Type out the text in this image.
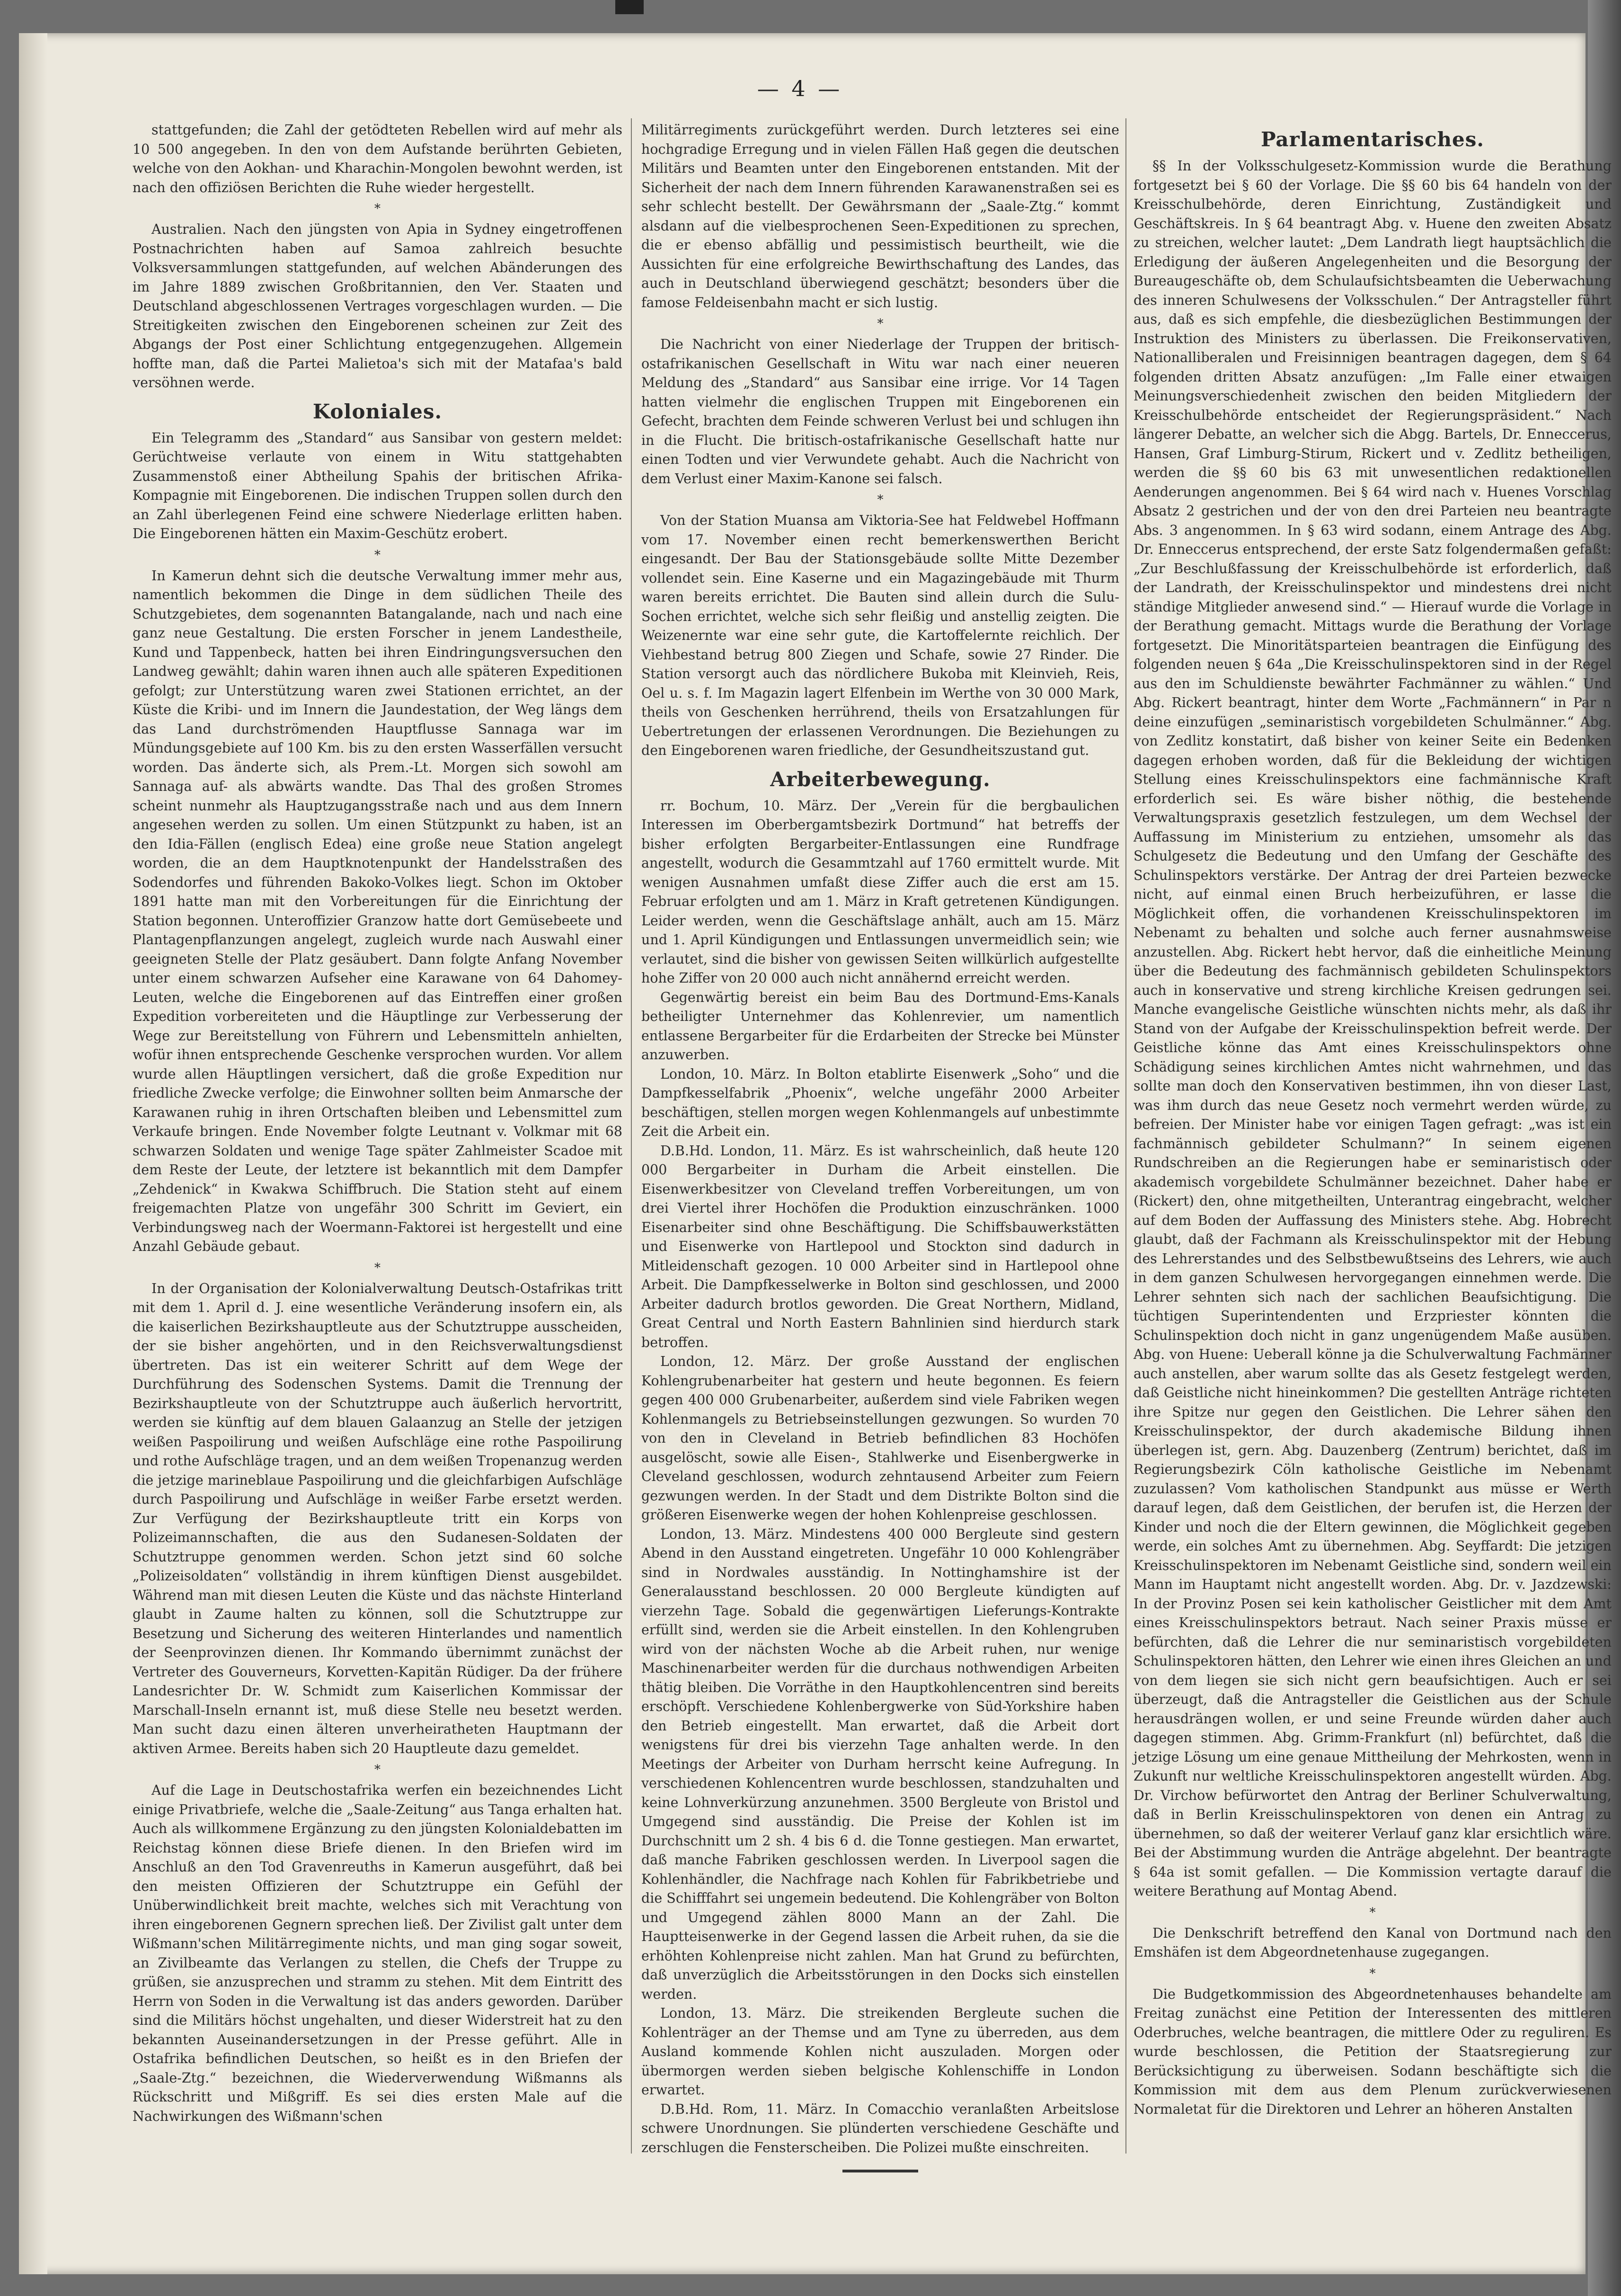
— 4 —

stattgefunden; die Zahl der getödteten Rebellen wird auf mehr als 10 500 angegeben. In den von dem Aufstande berührten Gebieten, welche von den Aokhan- und Kharachin-Mongolen bewohnt werden, ist nach den offiziösen Berichten die Ruhe wieder hergestellt.

*

Australien. Nach den jüngsten von Apia in Sydney eingetroffenen Postnachrichten haben auf Samoa zahlreich besuchte Volksversammlungen stattgefunden, auf welchen Abänderungen des im Jahre 1889 zwischen Großbritannien, den Ver. Staaten und Deutschland abgeschlossenen Vertrages vorgeschlagen wurden. — Die Streitigkeiten zwischen den Eingeborenen scheinen zur Zeit des Abgangs der Post einer Schlichtung entgegenzugehen. Allgemein hoffte man, daß die Partei Malietoa's sich mit der Matafaa's bald versöhnen werde.

Koloniales.

Ein Telegramm des „Standard“ aus Sansibar von gestern meldet: Gerüchtweise verlaute von einem in Witu stattgehabten Zusammenstoß einer Abtheilung Spahis der britischen Afrika-Kompagnie mit Eingeborenen. Die indischen Truppen sollen durch den an Zahl überlegenen Feind eine schwere Niederlage erlitten haben. Die Eingeborenen hätten ein Maxim-Geschütz erobert.

*

In Kamerun dehnt sich die deutsche Verwaltung immer mehr aus, namentlich bekommen die Dinge in dem südlichen Theile des Schutzgebietes, dem sogenannten Batangalande, nach und nach eine ganz neue Gestaltung. Die ersten Forscher in jenem Landestheile, Kund und Tappenbeck, hatten bei ihren Eindringungsversuchen den Landweg gewählt; dahin waren ihnen auch alle späteren Expeditionen gefolgt; zur Unterstützung waren zwei Stationen errichtet, an der Küste die Kribi- und im Innern die Jaundestation, der Weg längs dem das Land durchströmenden Hauptflusse Sannaga war im Mündungsgebiete auf 100 Km. bis zu den ersten Wasserfällen versucht worden. Das änderte sich, als Prem.-Lt. Morgen sich sowohl am Sannaga auf- als abwärts wandte. Das Thal des großen Stromes scheint nunmehr als Hauptzugangsstraße nach und aus dem Innern angesehen werden zu sollen. Um einen Stützpunkt zu haben, ist an den Idia-Fällen (englisch Edea) eine große neue Station angelegt worden, die an dem Hauptknotenpunkt der Handelsstraßen des Sodendorfes und führenden Bakoko-Volkes liegt. Schon im Oktober 1891 hatte man mit den Vorbereitungen für die Einrichtung der Station begonnen. Unteroffizier Granzow hatte dort Gemüsebeete und Plantagenpflanzungen angelegt, zugleich wurde nach Auswahl einer geeigneten Stelle der Platz gesäubert. Dann folgte Anfang November unter einem schwarzen Aufseher eine Karawane von 64 Dahomey-Leuten, welche die Eingeborenen auf das Eintreffen einer großen Expedition vorbereiteten und die Häuptlinge zur Verbesserung der Wege zur Bereitstellung von Führern und Lebensmitteln anhielten, wofür ihnen entsprechende Geschenke versprochen wurden. Vor allem wurde allen Häuptlingen versichert, daß die große Expedition nur friedliche Zwecke verfolge; die Einwohner sollten beim Anmarsche der Karawanen ruhig in ihren Ortschaften bleiben und Lebensmittel zum Verkaufe bringen. Ende November folgte Leutnant v. Volkmar mit 68 schwarzen Soldaten und wenige Tage später Zahlmeister Scadoe mit dem Reste der Leute, der letztere ist bekanntlich mit dem Dampfer „Zehdenick“ in Kwakwa Schiffbruch. Die Station steht auf einem freigemachten Platze von ungefähr 300 Schritt im Geviert, ein Verbindungsweg nach der Woermann-Faktorei ist hergestellt und eine Anzahl Gebäude gebaut.

*

In der Organisation der Kolonialverwaltung Deutsch-Ostafrikas tritt mit dem 1. April d. J. eine wesentliche Veränderung insofern ein, als die kaiserlichen Bezirkshauptleute aus der Schutztruppe ausscheiden, der sie bisher angehörten, und in den Reichsverwaltungsdienst übertreten. Das ist ein weiterer Schritt auf dem Wege der Durchführung des Sodenschen Systems. Damit die Trennung der Bezirkshauptleute von der Schutztruppe auch äußerlich hervortritt, werden sie künftig auf dem blauen Galaanzug an Stelle der jetzigen weißen Paspoilirung und weißen Aufschläge eine rothe Paspoilirung und rothe Aufschläge tragen, und an dem weißen Tropenanzug werden die jetzige marineblaue Paspoilirung und die gleichfarbigen Aufschläge durch Paspoilirung und Aufschläge in weißer Farbe ersetzt werden. Zur Verfügung der Bezirkshauptleute tritt ein Korps von Polizeimannschaften, die aus den Sudanesen-Soldaten der Schutztruppe genommen werden. Schon jetzt sind 60 solche „Polizeisoldaten“ vollständig in ihrem künftigen Dienst ausgebildet. Während man mit diesen Leuten die Küste und das nächste Hinterland glaubt in Zaume halten zu können, soll die Schutztruppe zur Besetzung und Sicherung des weiteren Hinterlandes und namentlich der Seenprovinzen dienen. Ihr Kommando übernimmt zunächst der Vertreter des Gouverneurs, Korvetten-Kapitän Rüdiger. Da der frühere Landesrichter Dr. W. Schmidt zum Kaiserlichen Kommissar der Marschall-Inseln ernannt ist, muß diese Stelle neu besetzt werden. Man sucht dazu einen älteren unverheiratheten Hauptmann der aktiven Armee. Bereits haben sich 20 Hauptleute dazu gemeldet.

*

Auf die Lage in Deutschostafrika werfen ein bezeichnendes Licht einige Privatbriefe, welche die „Saale-Zeitung“ aus Tanga erhalten hat. Auch als willkommene Ergänzung zu den jüngsten Kolonialdebatten im Reichstag können diese Briefe dienen. In den Briefen wird im Anschluß an den Tod Gravenreuths in Kamerun ausgeführt, daß bei den meisten Offizieren der Schutztruppe ein Gefühl der Unüberwindlichkeit breit machte, welches sich mit Verachtung von ihren eingeborenen Gegnern sprechen ließ. Der Zivilist galt unter dem Wißmann'schen Militärregimente nichts, und man ging sogar soweit, an Zivilbeamte das Verlangen zu stellen, die Chefs der Truppe zu grüßen, sie anzusprechen und stramm zu stehen. Mit dem Eintritt des Herrn von Soden in die Verwaltung ist das anders geworden. Darüber sind die Militärs höchst ungehalten, und dieser Widerstreit hat zu den bekannten Auseinandersetzungen in der Presse geführt. Alle in Ostafrika befindlichen Deutschen, so heißt es in den Briefen der „Saale-Ztg.“ bezeichnen, die Wiederverwendung Wißmanns als Rückschritt und Mißgriff. Es sei dies ersten Male auf die Nachwirkungen des Wißmann'schen

Militärregiments zurückgeführt werden. Durch letzteres sei eine hochgradige Erregung und in vielen Fällen Haß gegen die deutschen Militärs und Beamten unter den Eingeborenen entstanden. Mit der Sicherheit der nach dem Innern führenden Karawanenstraßen sei es sehr schlecht bestellt. Der Gewährsmann der „Saale-Ztg.“ kommt alsdann auf die vielbesprochenen Seen-Expeditionen zu sprechen, die er ebenso abfällig und pessimistisch beurtheilt, wie die Aussichten für eine erfolgreiche Bewirthschaftung des Landes, das auch in Deutschland überwiegend geschätzt; besonders über die famose Feldeisenbahn macht er sich lustig.

*

Die Nachricht von einer Niederlage der Truppen der britisch-ostafrikanischen Gesellschaft in Witu war nach einer neueren Meldung des „Standard“ aus Sansibar eine irrige. Vor 14 Tagen hatten vielmehr die englischen Truppen mit Eingeborenen ein Gefecht, brachten dem Feinde schweren Verlust bei und schlugen ihn in die Flucht. Die britisch-ostafrikanische Gesellschaft hatte nur einen Todten und vier Verwundete gehabt. Auch die Nachricht von dem Verlust einer Maxim-Kanone sei falsch.

*

Von der Station Muansa am Viktoria-See hat Feldwebel Hoffmann vom 17. November einen recht bemerkenswerthen Bericht eingesandt. Der Bau der Stationsgebäude sollte Mitte Dezember vollendet sein. Eine Kaserne und ein Magazingebäude mit Thurm waren bereits errichtet. Die Bauten sind allein durch die Sulu-Sochen errichtet, welche sich sehr fleißig und anstellig zeigten. Die Weizenernte war eine sehr gute, die Kartoffelernte reichlich. Der Viehbestand betrug 800 Ziegen und Schafe, sowie 27 Rinder. Die Station versorgt auch das nördlichere Bukoba mit Kleinvieh, Reis, Oel u. s. f. Im Magazin lagert Elfenbein im Werthe von 30 000 Mark, theils von Geschenken herrührend, theils von Ersatzahlungen für Uebertretungen der erlassenen Verordnungen. Die Beziehungen zu den Eingeborenen waren friedliche, der Gesundheitszustand gut.

Arbeiterbewegung.

rr. Bochum, 10. März. Der „Verein für die bergbaulichen Interessen im Oberbergamtsbezirk Dortmund“ hat betreffs der bisher erfolgten Bergarbeiter-Entlassungen eine Rundfrage angestellt, wodurch die Gesammtzahl auf 1760 ermittelt wurde. Mit wenigen Ausnahmen umfaßt diese Ziffer auch die erst am 15. Februar erfolgten und am 1. März in Kraft getretenen Kündigungen. Leider werden, wenn die Geschäftslage anhält, auch am 15. März und 1. April Kündigungen und Entlassungen unvermeidlich sein; wie verlautet, sind die bisher von gewissen Seiten willkürlich aufgestellte hohe Ziffer von 20 000 auch nicht annähernd erreicht werden.

Gegenwärtig bereist ein beim Bau des Dortmund-Ems-Kanals betheiligter Unternehmer das Kohlenrevier, um namentlich entlassene Bergarbeiter für die Erdarbeiten der Strecke bei Münster anzuwerben.

London, 10. März. In Bolton etablirte Eisenwerk „Soho“ und die Dampfkesselfabrik „Phoenix“, welche ungefähr 2000 Arbeiter beschäftigen, stellen morgen wegen Kohlenmangels auf unbestimmte Zeit die Arbeit ein.

D.B.Hd. London, 11. März. Es ist wahrscheinlich, daß heute 120 000 Bergarbeiter in Durham die Arbeit einstellen. Die Eisenwerkbesitzer von Cleveland treffen Vorbereitungen, um von drei Viertel ihrer Hochöfen die Produktion einzuschränken. 1000 Eisenarbeiter sind ohne Beschäftigung. Die Schiffsbauwerkstätten und Eisenwerke von Hartlepool und Stockton sind dadurch in Mitleidenschaft gezogen. 10 000 Arbeiter sind in Hartlepool ohne Arbeit. Die Dampfkesselwerke in Bolton sind geschlossen, und 2000 Arbeiter dadurch brotlos geworden. Die Great Northern, Midland, Great Central und North Eastern Bahnlinien sind hierdurch stark betroffen.

London, 12. März. Der große Ausstand der englischen Kohlengrubenarbeiter hat gestern und heute begonnen. Es feiern gegen 400 000 Grubenarbeiter, außerdem sind viele Fabriken wegen Kohlenmangels zu Betriebseinstellungen gezwungen. So wurden 70 von den in Cleveland in Betrieb befindlichen 83 Hochöfen ausgelöscht, sowie alle Eisen-, Stahlwerke und Eisenbergwerke in Cleveland geschlossen, wodurch zehntausend Arbeiter zum Feiern gezwungen werden. In der Stadt und dem Distrikte Bolton sind die größeren Eisenwerke wegen der hohen Kohlenpreise geschlossen.

London, 13. März. Mindestens 400 000 Bergleute sind gestern Abend in den Ausstand eingetreten. Ungefähr 10 000 Kohlengräber sind in Nordwales ausständig. In Nottinghamshire ist der Generalausstand beschlossen. 20 000 Bergleute kündigten auf vierzehn Tage. Sobald die gegenwärtigen Lieferungs-Kontrakte erfüllt sind, werden sie die Arbeit einstellen. In den Kohlengruben wird von der nächsten Woche ab die Arbeit ruhen, nur wenige Maschinenarbeiter werden für die durchaus nothwendigen Arbeiten thätig bleiben. Die Vorräthe in den Hauptkohlencentren sind bereits erschöpft. Verschiedene Kohlenbergwerke von Süd-Yorkshire haben den Betrieb eingestellt. Man erwartet, daß die Arbeit dort wenigstens für drei bis vierzehn Tage anhalten werde. In den Meetings der Arbeiter von Durham herrscht keine Aufregung. In verschiedenen Kohlencentren wurde beschlossen, standzuhalten und keine Lohnverkürzung anzunehmen. 3500 Bergleute von Bristol und Umgegend sind ausständig. Die Preise der Kohlen ist im Durchschnitt um 2 sh. 4 bis 6 d. die Tonne gestiegen. Man erwartet, daß manche Fabriken geschlossen werden. In Liverpool sagen die Kohlenhändler, die Nachfrage nach Kohlen für Fabrikbetriebe und die Schifffahrt sei ungemein bedeutend. Die Kohlengräber von Bolton und Umgegend zählen 8000 Mann an der Zahl. Die Hauptteisenwerke in der Gegend lassen die Arbeit ruhen, da sie die erhöhten Kohlenpreise nicht zahlen. Man hat Grund zu befürchten, daß unverzüglich die Arbeitsstörungen in den Docks sich einstellen werden.

London, 13. März. Die streikenden Bergleute suchen die Kohlenträger an der Themse und am Tyne zu überreden, aus dem Ausland kommende Kohlen nicht auszuladen. Morgen oder übermorgen werden sieben belgische Kohlenschiffe in London erwartet.

D.B.Hd. Rom, 11. März. In Comacchio veranlaßten Arbeitslose schwere Unordnungen. Sie plünderten verschiedene Geschäfte und zerschlugen die Fensterscheiben. Die Polizei mußte einschreiten.

Parlamentarisches.

§§ In der Volksschulgesetz-Kommission wurde die Berathung fortgesetzt bei § 60 der Vorlage. Die §§ 60 bis 64 handeln von der Kreisschulbehörde, deren Einrichtung, Zuständigkeit und Geschäftskreis. In § 64 beantragt Abg. v. Huene den zweiten Absatz zu streichen, welcher lautet: „Dem Landrath liegt hauptsächlich die Erledigung der äußeren Angelegenheiten und die Besorgung der Bureaugeschäfte ob, dem Schulaufsichtsbeamten die Ueberwachung des inneren Schulwesens der Volksschulen.“ Der Antragsteller führt aus, daß es sich empfehle, die diesbezüglichen Bestimmungen der Instruktion des Ministers zu überlassen. Die Freikonservativen, Nationalliberalen und Freisinnigen beantragen dagegen, dem § 64 folgenden dritten Absatz anzufügen: „Im Falle einer etwaigen Meinungsverschiedenheit zwischen den beiden Mitgliedern der Kreisschulbehörde entscheidet der Regierungspräsident.“ Nach längerer Debatte, an welcher sich die Abgg. Bartels, Dr. Enneccerus, Hansen, Graf Limburg-Stirum, Rickert und v. Zedlitz betheiligen, werden die §§ 60 bis 63 mit unwesentlichen redaktionellen Aenderungen angenommen. Bei § 64 wird nach v. Huenes Vorschlag Absatz 2 gestrichen und der von den drei Parteien neu beantragte Abs. 3 angenommen. In § 63 wird sodann, einem Antrage des Abg. Dr. Enneccerus entsprechend, der erste Satz folgendermaßen gefaßt: „Zur Beschlußfassung der Kreisschulbehörde ist erforderlich, daß der Landrath, der Kreisschulinspektor und mindestens drei nicht ständige Mitglieder anwesend sind.“ — Hierauf wurde die Vorlage in der Berathung gemacht. Mittags wurde die Berathung der Vorlage fortgesetzt. Die Minoritätsparteien beantragen die Einfügung des folgenden neuen § 64a „Die Kreisschulinspektoren sind in der Regel aus den im Schuldienste bewährter Fachmänner zu wählen.“ Und Abg. Rickert beantragt, hinter dem Worte „Fachmännern“ in Par n deine einzufügen „seminaristisch vorgebildeten Schulmänner.“ Abg. von Zedlitz konstatirt, daß bisher von keiner Seite ein Bedenken dagegen erhoben worden, daß für die Bekleidung der wichtigen Stellung eines Kreisschulinspektors eine fachmännische Kraft erforderlich sei. Es wäre bisher nöthig, die bestehende Verwaltungspraxis gesetzlich festzulegen, um dem Wechsel der Auffassung im Ministerium zu entziehen, umsomehr als das Schulgesetz die Bedeutung und den Umfang der Geschäfte des Schulinspektors verstärke. Der Antrag der drei Parteien bezwecke nicht, auf einmal einen Bruch herbeizuführen, er lasse die Möglichkeit offen, die vorhandenen Kreisschulinspektoren im Nebenamt zu behalten und solche auch ferner ausnahmsweise anzustellen. Abg. Rickert hebt hervor, daß die einheitliche Meinung über die Bedeutung des fachmännisch gebildeten Schulinspektors auch in konservative und streng kirchliche Kreisen gedrungen sei. Manche evangelische Geistliche wünschten nichts mehr, als daß ihr Stand von der Aufgabe der Kreisschulinspektion befreit werde. Der Geistliche könne das Amt eines Kreisschulinspektors ohne Schädigung seines kirchlichen Amtes nicht wahrnehmen, und das sollte man doch den Konservativen bestimmen, ihn von dieser Last, was ihm durch das neue Gesetz noch vermehrt werden würde, zu befreien. Der Minister habe vor einigen Tagen gefragt: „was ist ein fachmännisch gebildeter Schulmann?“ In seinem eigenen Rundschreiben an die Regierungen habe er seminaristisch oder akademisch vorgebildete Schulmänner bezeichnet. Daher habe er (Rickert) den, ohne mitgetheilten, Unterantrag eingebracht, welcher auf dem Boden der Auffassung des Ministers stehe. Abg. Hobrecht glaubt, daß der Fachmann als Kreisschulinspektor mit der Hebung des Lehrerstandes und des Selbstbewußtseins des Lehrers, wie auch in dem ganzen Schulwesen hervorgegangen einnehmen werde. Die Lehrer sehnten sich nach der sachlichen Beaufsichtigung. Die tüchtigen Superintendenten und Erzpriester könnten die Schulinspektion doch nicht in ganz ungenügendem Maße ausüben. Abg. von Huene: Ueberall könne ja die Schulverwaltung Fachmänner auch anstellen, aber warum sollte das als Gesetz festgelegt werden, daß Geistliche nicht hineinkommen? Die gestellten Anträge richteten ihre Spitze nur gegen den Geistlichen. Die Lehrer sähen den Kreisschulinspektor, der durch akademische Bildung ihnen überlegen ist, gern. Abg. Dauzenberg (Zentrum) berichtet, daß im Regierungsbezirk Cöln katholische Geistliche im Nebenamt zuzulassen? Vom katholischen Standpunkt aus müsse er Werth darauf legen, daß dem Geistlichen, der berufen ist, die Herzen der Kinder und noch die der Eltern gewinnen, die Möglichkeit gegeben werde, ein solches Amt zu übernehmen. Abg. Seyffardt: Die jetzigen Kreisschulinspektoren im Nebenamt Geistliche sind, sondern weil ein Mann im Hauptamt nicht angestellt worden. Abg. Dr. v. Jazdzewski: In der Provinz Posen sei kein katholischer Geistlicher mit dem Amt eines Kreisschulinspektors betraut. Nach seiner Praxis müsse er befürchten, daß die Lehrer die nur seminaristisch vorgebildeten Schulinspektoren hätten, den Lehrer wie einen ihres Gleichen an und von dem liegen sie sich nicht gern beaufsichtigen. Auch er sei überzeugt, daß die Antragsteller die Geistlichen aus der Schule herausdrängen wollen, er und seine Freunde würden daher auch dagegen stimmen. Abg. Grimm-Frankfurt (nl) befürchtet, daß die jetzige Lösung um eine genaue Mittheilung der Mehrkosten, wenn in Zukunft nur weltliche Kreisschulinspektoren angestellt würden. Abg. Dr. Virchow befürwortet den Antrag der Berliner Schulverwaltung, daß in Berlin Kreisschulinspektoren von denen ein Antrag zu übernehmen, so daß der weiterer Verlauf ganz klar ersichtlich wäre. Bei der Abstimmung wurden die Anträge abgelehnt. Der beantragte § 64a ist somit gefallen. — Die Kommission vertagte darauf die weitere Berathung auf Montag Abend.

*

Die Denkschrift betreffend den Kanal von Dortmund nach den Emshäfen ist dem Abgeordnetenhause zugegangen.

*

Die Budgetkommission des Abgeordnetenhauses behandelte am Freitag zunächst eine Petition der Interessenten des mittleren Oderbruches, welche beantragen, die mittlere Oder zu reguliren. Es wurde beschlossen, die Petition der Staatsregierung zur Berücksichtigung zu überweisen. Sodann beschäftigte sich die Kommission mit dem aus dem Plenum zurückverwiesenen Normaletat für die Direktoren und Lehrer an höheren Anstalten
